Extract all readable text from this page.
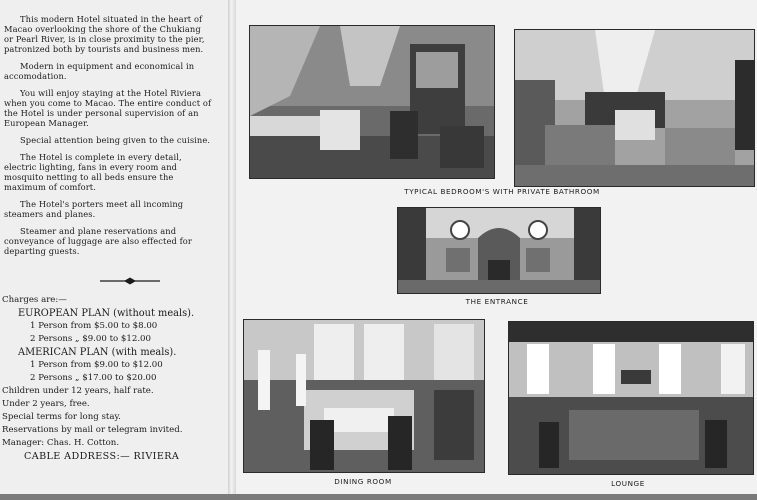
This modern Hotel situated in the heart of Macao overlooking the shore of the Chukiang or Pearl River, is in close proximity to the pier, patronized both by tourists and business men.

Modern in equipment and economical in accomodation.

You will enjoy staying at the Hotel Riviera when you come to Macao. The entire conduct of the Hotel is under personal supervision of an European Manager.

Special attention being given to the cuisine.

The Hotel is complete in every detail, electric lighting, fans in every room and mosquito netting to all beds ensure the maximum of comfort.

The Hotel's porters meet all incoming steamers and planes.

Steamer and plane reservations and conveyance of luggage are also effected for departing guests.

Charges are:—
EUROPEAN PLAN (without meals).
1 Person from $5.00 to $8.00
2 Persons „ $9.00 to $12.00
AMERICAN PLAN (with meals).
1 Person from $9.00 to $12.00
2 Persons „ $17.00 to $20.00
Children under 12 years, half rate.
Under 2 years, free.
Special terms for long stay.
Reservations by mail or telegram invited.
Manager: Chas. H. Cotton.
CABLE ADDRESS:— RIVIERA
TYPICAL BEDROOM'S WITH PRIVATE BATHROOM
THE ENTRANCE
DINING ROOM	LOUNGE
